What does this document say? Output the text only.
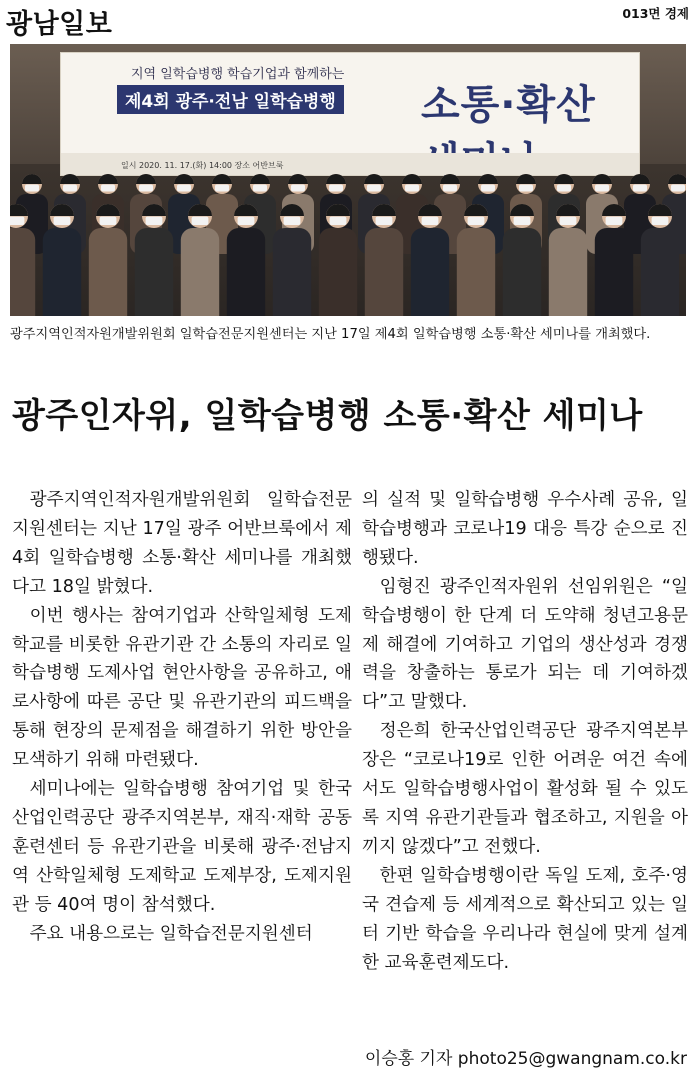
광남일보	013면 경제
지역 일학습병행 학습기업과 함께하는
제4회 광주·전남 일학습병행 소통·확산
일시 2020. 11. 17.(화) 14:00 장소 어반브룩
광주지역인적자원개발위원회 일학습전문지원센터는 지난 17일 제4회 일학습병행 소통·확산 세미나를 개최했다.
광주인자위, 일학습병행 소통·확산 세미나

광주지역인적자원개발위원회 일학습전문지원센터는 지난 17일 광주 어반브룩에서 제4회 일학습병행 소통·확산 세미나를 개최했다고 18일 밝혔다.

이번 행사는 참여기업과 산학일체형 도제학교를 비롯한 유관기관 간 소통의 자리로 일학습병행 도제사업 현안사항을 공유하고, 애로사항에 따른 공단 및 유관기관의 피드백을 통해 현장의 문제점을 해결하기 위한 방안을 모색하기 위해 마련됐다.

세미나에는 일학습병행 참여기업 및 한국산업인력공단 광주지역본부, 재직·재학 공동훈련센터 등 유관기관을 비롯해 광주·전남지역 산학일체형 도제학교 도제부장, 도제지원관 등 40여 명이 참석했다.

주요 내용으로는 일학습전문지원센터

의 실적 및 일학습병행 우수사례 공유, 일학습병행과 코로나19 대응 특강 순으로 진행됐다.

임형진 광주인적자원위 선임위원은 “일학습병행이 한 단계 더 도약해 청년고용문제 해결에 기여하고 기업의 생산성과 경쟁력을 창출하는 통로가 되는 데 기여하겠다”고 말했다.

정은희 한국산업인력공단 광주지역본부장은 “코로나19로 인한 어려운 여건 속에서도 일학습병행사업이 활성화 될 수 있도록 지역 유관기관들과 협조하고, 지원을 아끼지 않겠다”고 전했다.

한편 일학습병행이란 독일 도제, 호주·영국 견습제 등 세계적으로 확산되고 있는 일터 기반 학습을 우리나라 현실에 맞게 설계한 교육훈련제도다.

이승홍 기자 photo25@gwangnam.co.kr
